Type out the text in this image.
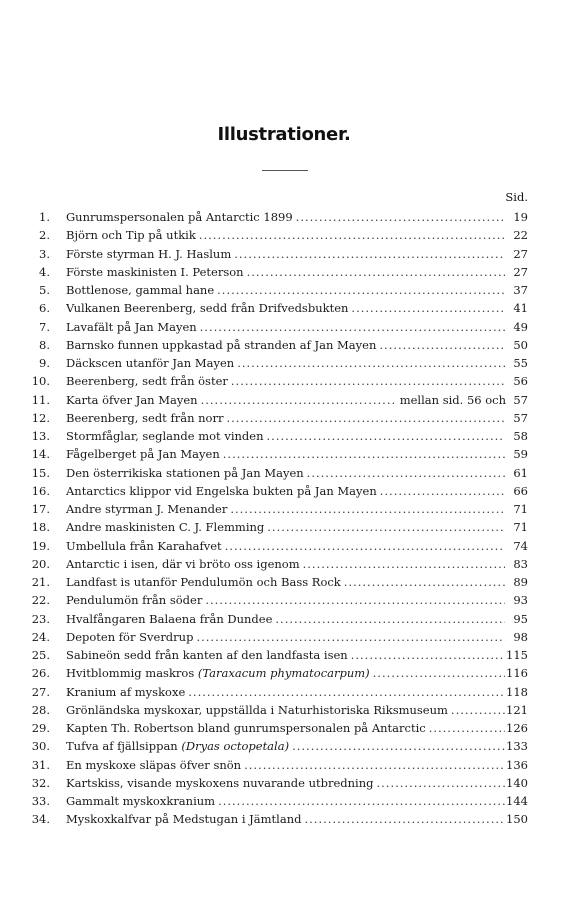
Illustrationer.
Sid.
1. Gunrumspersonalen på Antarctic 1899 .....	19
2. Björn och Tip på utkik .....	22
3. Förste styrman H. J. Haslum .....	27
4. Förste maskinisten I. Peterson .....	27
5. Bottlenose, gammal hane .....	37
6. Vulkanen Beerenberg, sedd från Drifvedsbukten .....	41
7. Lavafält på Jan Mayen .....	49
8. Barnsko funnen uppkastad på stranden af Jan Mayen .....	50
9. Däckscen utanför Jan Mayen .....	55
10. Beerenberg, sedt från öster .....	56
11. Karta öfver Jan Mayen .....	mellan sid. 56 och 57
12. Beerenberg, sedt från norr .....	57
13. Stormfåglar, seglande mot vinden .....	58
14. Fågelberget på Jan Mayen .....	59
15. Den österrikiska stationen på Jan Mayen .....	61
16. Antarctics klippor vid Engelska bukten på Jan Mayen .....	66
17. Andre styrman J. Menander .....	71
18. Andre maskinisten C. J. Flemming .....	71
19. Umbellula från Karahafvet .....	74
20. Antarctic i isen, där vi bröto oss igenom .....	83
21. Landfast is utanför Pendulumön och Bass Rock .....	89
22. Pendulumön från söder .....	93
23. Hvalfångaren Balaena från Dundee .....	95
24. Depoten för Sverdrup .....	98
25. Sabineön sedd från kanten af den landfasta isen .....	115
26. Hvitblommig maskros (Taraxacum phymatocarpum) .....	116
27. Kranium af myskoxe .....	118
28. Grönländska myskoxar, uppställda i Naturhistoriska Riksmuseum .....	121
29. Kapten Th. Robertson bland gunrumspersonalen på Antarctic .....	126
30. Tufva af fjällsippan (Dryas octopetala) .....	133
31. En myskoxe släpas öfver snön .....	136
32. Kartskiss, visande myskoxens nuvarande utbredning .....	140
33. Gammalt myskoxkranium .....	144
34. Myskoxkalfvar på Medstugan i Jämtland .....	150
